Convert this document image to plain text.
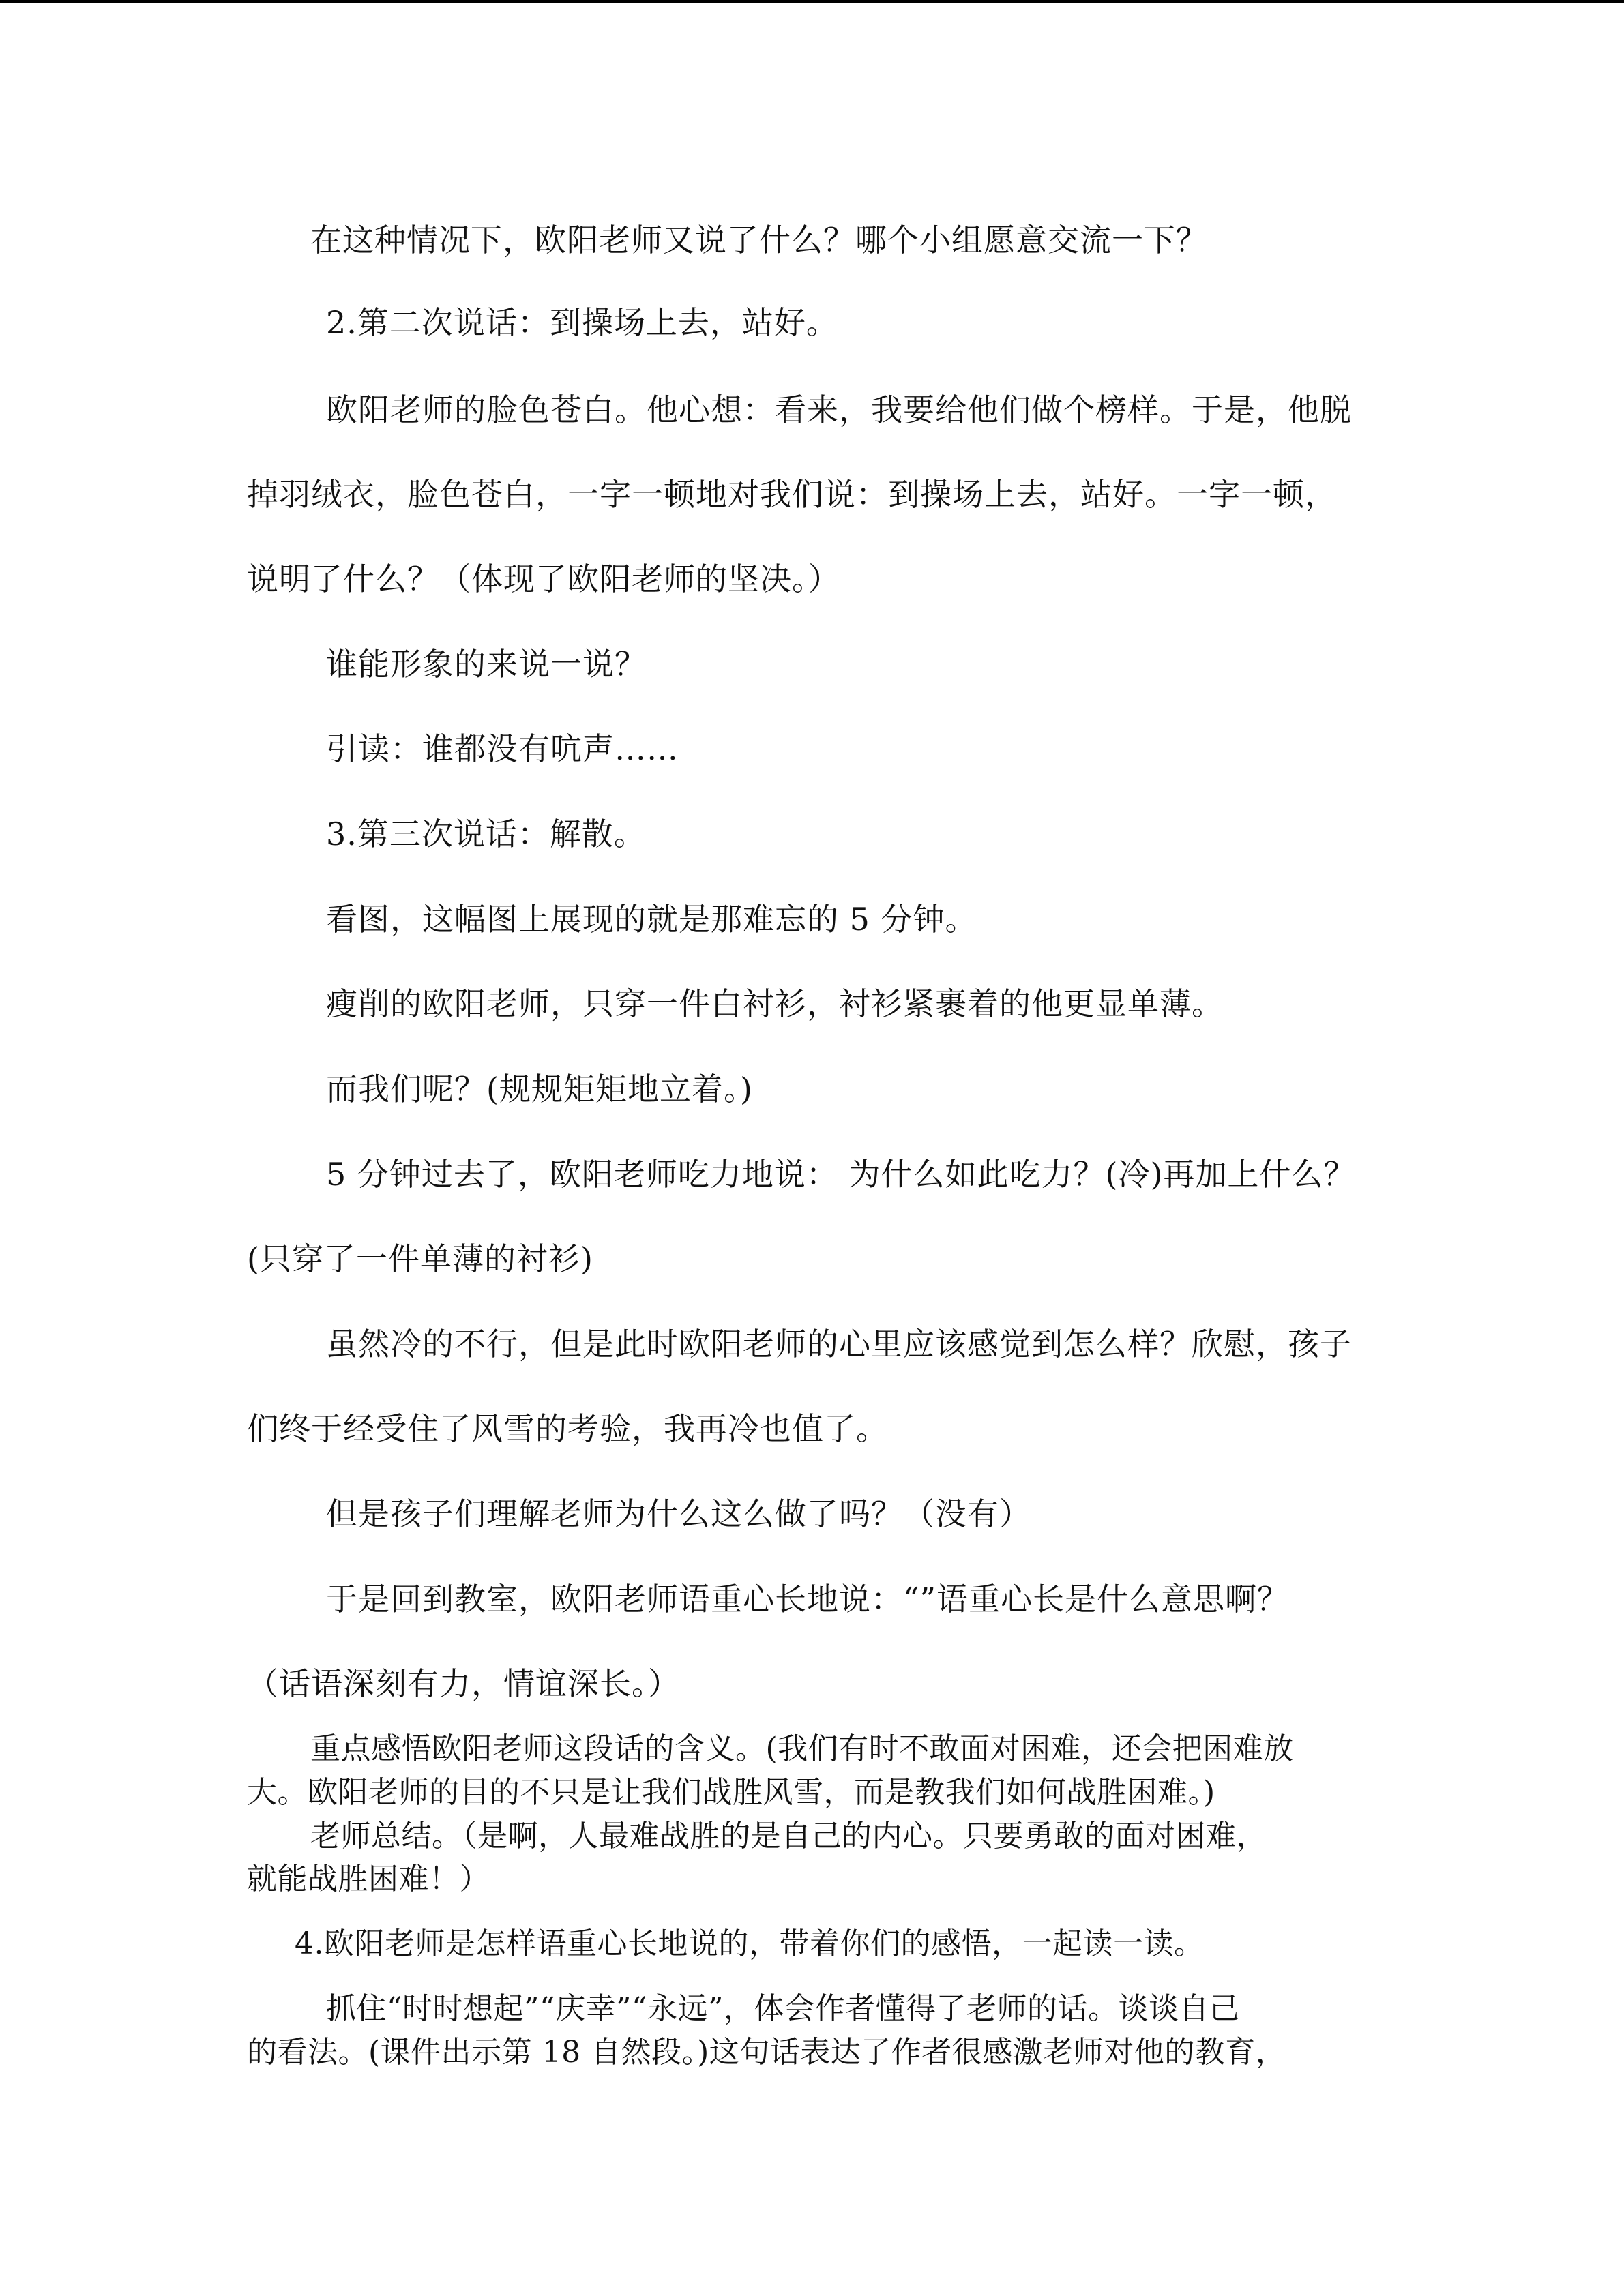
在这种情况下，欧阳老师又说了什么？哪个小组愿意交流一下？

2.第二次说话：到操场上去，站好。

欧阳老师的脸色苍白。他心想：看来，我要给他们做个榜样。于是，他脱

掉羽绒衣，脸色苍白，一字一顿地对我们说：到操场上去，站好。一字一顿，

说明了什么？（体现了欧阳老师的坚决。）

谁能形象的来说一说？

引读：谁都没有吭声……

3.第三次说话：解散。

看图，这幅图上展现的就是那难忘的 5 分钟。

瘦削的欧阳老师，只穿一件白衬衫，衬衫紧裹着的他更显单薄。

而我们呢？(规规矩矩地立着。)

5 分钟过去了，欧阳老师吃力地说： 为什么如此吃力？(冷)再加上什么？

(只穿了一件单薄的衬衫)

虽然冷的不行，但是此时欧阳老师的心里应该感觉到怎么样？欣慰，孩子

们终于经受住了风雪的考验，我再冷也值了。

但是孩子们理解老师为什么这么做了吗？（没有）

于是回到教室，欧阳老师语重心长地说：“”语重心长是什么意思啊？

（话语深刻有力，情谊深长。）

重点感悟欧阳老师这段话的含义。(我们有时不敢面对困难，还会把困难放

大。欧阳老师的目的不只是让我们战胜风雪，而是教我们如何战胜困难。)

老师总结。（是啊，人最难战胜的是自己的内心。只要勇敢的面对困难，

就能战胜困难！）

4.欧阳老师是怎样语重心长地说的，带着你们的感悟，一起读一读。

抓住“时时想起”“庆幸”“永远”，体会作者懂得了老师的话。谈谈自己

的看法。(课件出示第 18 自然段。)这句话表达了作者很感激老师对他的教育，
